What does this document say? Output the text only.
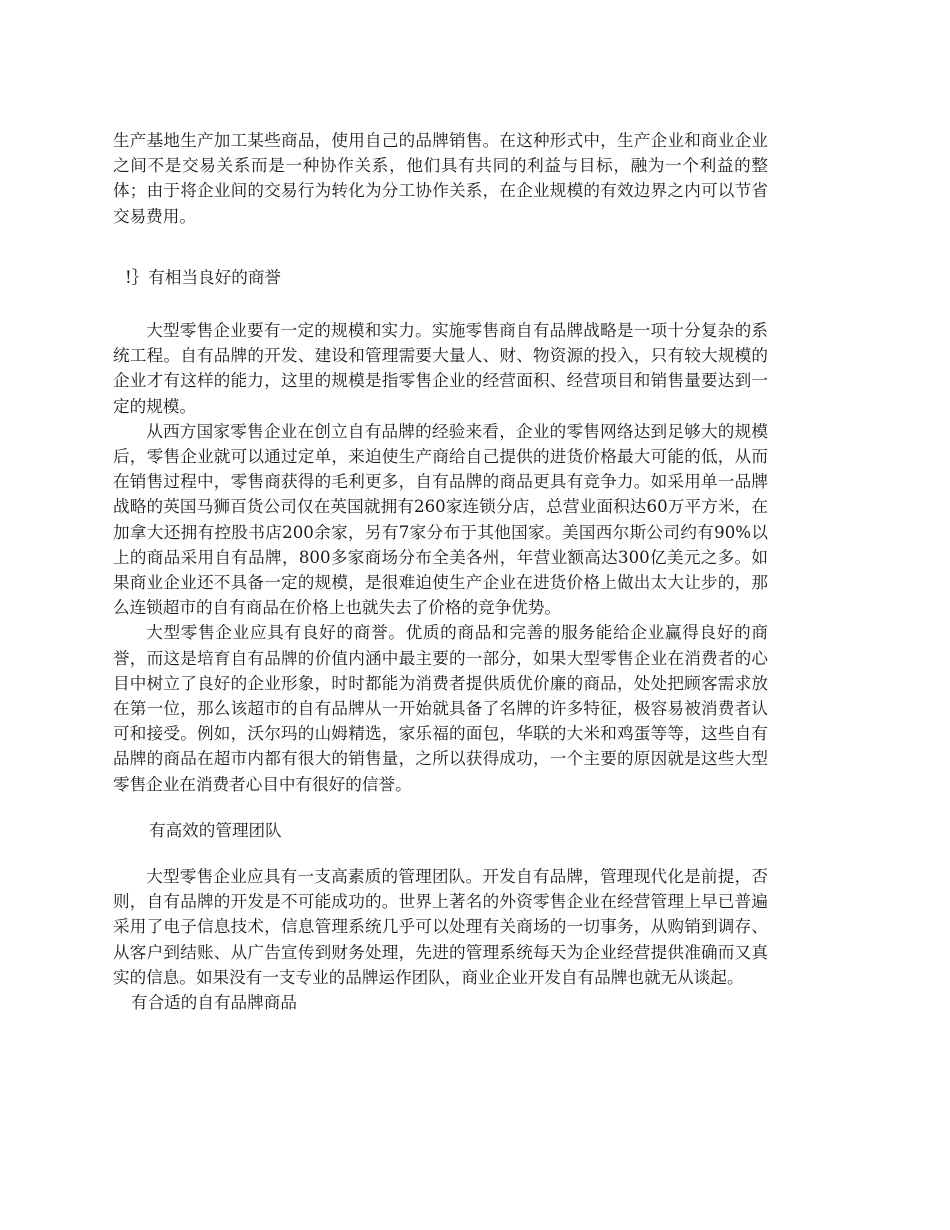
生产基地生产加工某些商品，使用自己的品牌销售。在这种形式中，生产企业和商业企业之间不是交易关系而是一种协作关系，他们具有共同的利益与目标，融为一个利益的整体；由于将企业间的交易行为转化为分工协作关系，在企业规模的有效边界之内可以节省交易费用。

!｝有相当良好的商誉

大型零售企业要有一定的规模和实力。实施零售商自有品牌战略是一项十分复杂的系统工程。自有品牌的开发、建设和管理需要大量人、财、物资源的投入，只有较大规模的企业才有这样的能力，这里的规模是指零售企业的经营面积、经营项目和销售量要达到一定的规模。

从西方国家零售企业在创立自有品牌的经验来看，企业的零售网络达到足够大的规模后，零售企业就可以通过定单，来迫使生产商给自己提供的进货价格最大可能的低，从而在销售过程中，零售商获得的毛利更多，自有品牌的商品更具有竞争力。如采用单一品牌战略的英国马狮百货公司仅在英国就拥有260家连锁分店，总营业面积达60万平方米，在加拿大还拥有控股书店200余家，另有7家分布于其他国家。美国西尔斯公司约有90%以上的商品采用自有品牌，800多家商场分布全美各州，年营业额高达300亿美元之多。如果商业企业还不具备一定的规模，是很难迫使生产企业在进货价格上做出太大让步的，那么连锁超市的自有商品在价格上也就失去了价格的竞争优势。

大型零售企业应具有良好的商誉。优质的商品和完善的服务能给企业赢得良好的商誉，而这是培育自有品牌的价值内涵中最主要的一部分，如果大型零售企业在消费者的心目中树立了良好的企业形象，时时都能为消费者提供质优价廉的商品，处处把顾客需求放在第一位，那么该超市的自有品牌从一开始就具备了名牌的许多特征，极容易被消费者认可和接受。例如，沃尔玛的山姆精选，家乐福的面包，华联的大米和鸡蛋等等，这些自有品牌的商品在超市内都有很大的销售量，之所以获得成功，一个主要的原因就是这些大型零售企业在消费者心目中有很好的信誉。

有高效的管理团队

大型零售企业应具有一支高素质的管理团队。开发自有品牌，管理现代化是前提，否则，自有品牌的开发是不可能成功的。世界上著名的外资零售企业在经营管理上早已普遍采用了电子信息技术，信息管理系统几乎可以处理有关商场的一切事务，从购销到调存、从客户到结账、从广告宣传到财务处理，先进的管理系统每天为企业经营提供准确而又真实的信息。如果没有一支专业的品牌运作团队，商业企业开发自有品牌也就无从谈起。

有合适的自有品牌商品
